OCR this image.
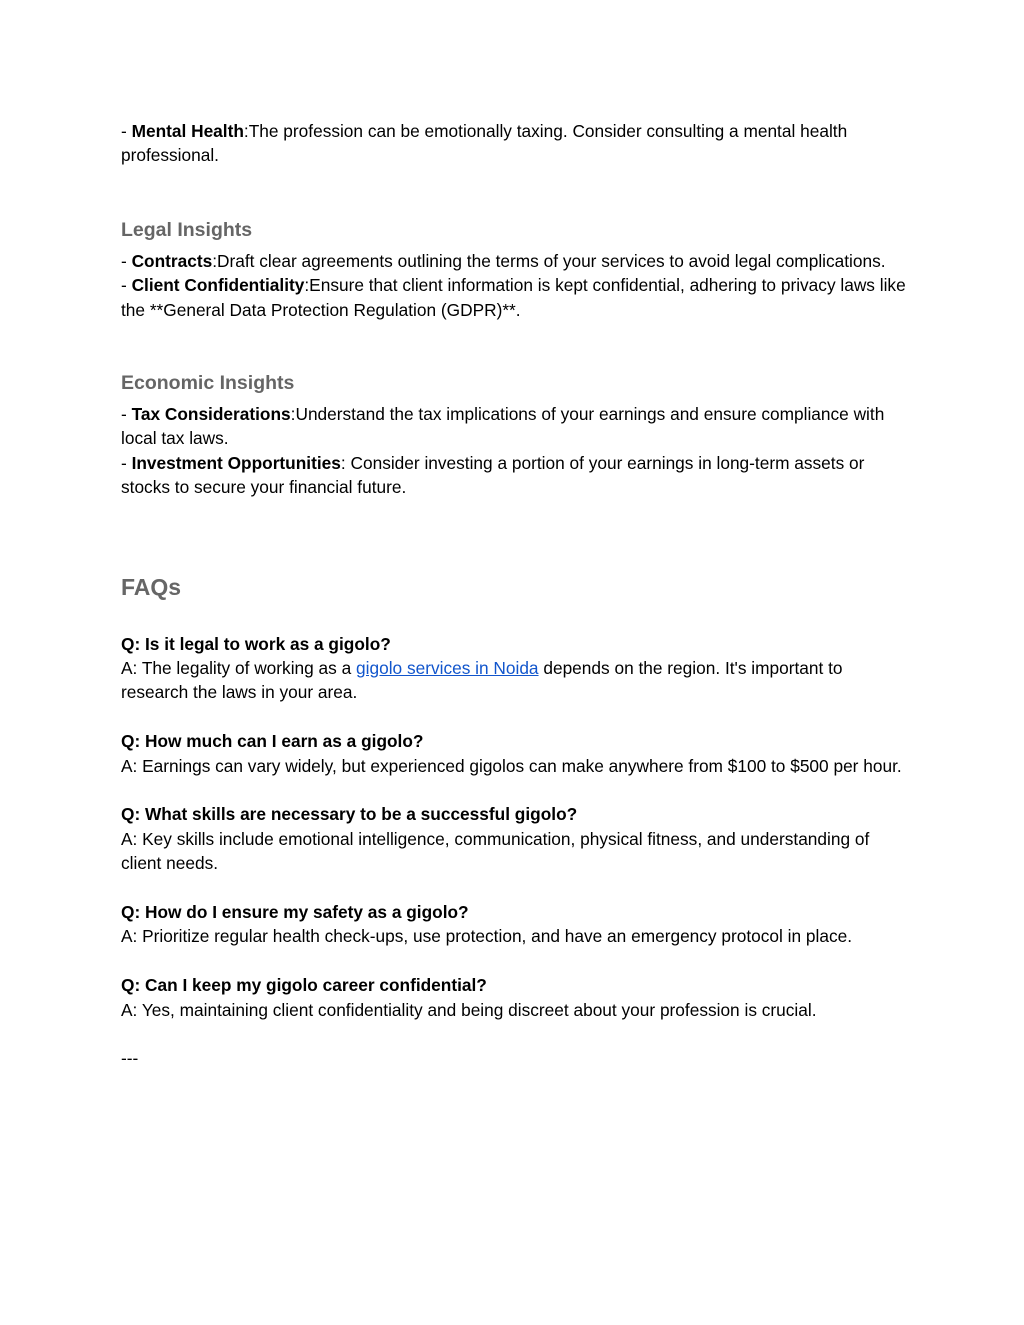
- Mental Health:The profession can be emotionally taxing. Consider consulting a mental health professional.

Legal Insights

- Contracts:Draft clear agreements outlining the terms of your services to avoid legal complications.

- Client Confidentiality:Ensure that client information is kept confidential, adhering to privacy laws like the **General Data Protection Regulation (GDPR)**.

Economic Insights

- Tax Considerations:Understand the tax implications of your earnings and ensure compliance with local tax laws.

- Investment Opportunities: Consider investing a portion of your earnings in long-term assets or stocks to secure your financial future.

FAQs

Q: Is it legal to work as a gigolo?

A: The legality of working as a gigolo services in Noida depends on the region. It's important to research the laws in your area.

Q: How much can I earn as a gigolo?

A: Earnings can vary widely, but experienced gigolos can make anywhere from $100 to $500 per hour.

Q: What skills are necessary to be a successful gigolo?

A: Key skills include emotional intelligence, communication, physical fitness, and understanding of client needs.

Q: How do I ensure my safety as a gigolo?

A: Prioritize regular health check-ups, use protection, and have an emergency protocol in place.

Q: Can I keep my gigolo career confidential?

A: Yes, maintaining client confidentiality and being discreet about your profession is crucial.

---
